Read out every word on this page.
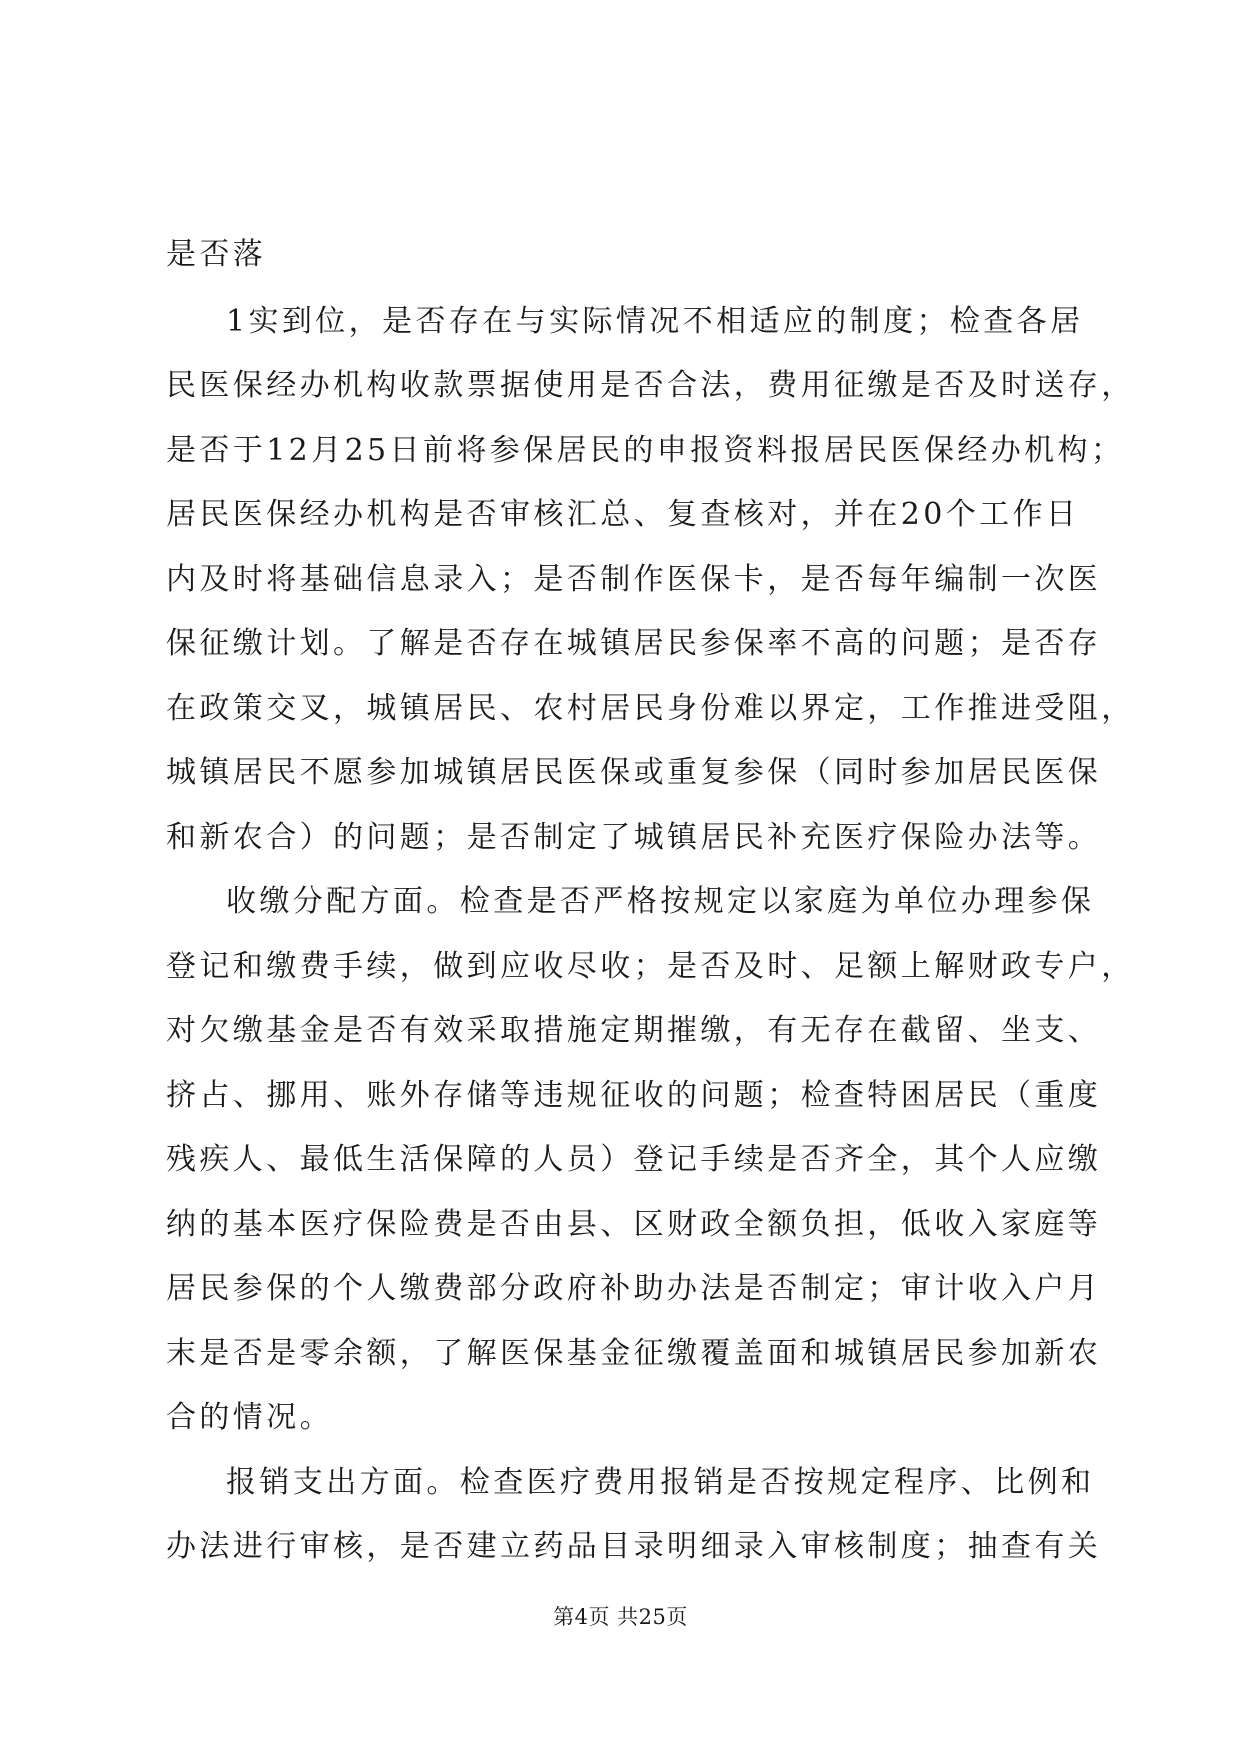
是否落

1实到位，是否存在与实际情况不相适应的制度；检查各居

民医保经办机构收款票据使用是否合法，费用征缴是否及时送存，

是否于12月25日前将参保居民的申报资料报居民医保经办机构；

居民医保经办机构是否审核汇总、复查核对，并在20个工作日

内及时将基础信息录入；是否制作医保卡，是否每年编制一次医

保征缴计划。了解是否存在城镇居民参保率不高的问题；是否存

在政策交叉，城镇居民、农村居民身份难以界定，工作推进受阻，

城镇居民不愿参加城镇居民医保或重复参保（同时参加居民医保

和新农合）的问题；是否制定了城镇居民补充医疗保险办法等。

收缴分配方面。检查是否严格按规定以家庭为单位办理参保

登记和缴费手续，做到应收尽收；是否及时、足额上解财政专户，

对欠缴基金是否有效采取措施定期摧缴，有无存在截留、坐支、

挤占、挪用、账外存储等违规征收的问题；检查特困居民（重度

残疾人、最低生活保障的人员）登记手续是否齐全，其个人应缴

纳的基本医疗保险费是否由县、区财政全额负担，低收入家庭等

居民参保的个人缴费部分政府补助办法是否制定；审计收入户月

末是否是零余额，了解医保基金征缴覆盖面和城镇居民参加新农

合的情况。

报销支出方面。检查医疗费用报销是否按规定程序、比例和

办法进行审核，是否建立药品目录明细录入审核制度；抽查有关

第4页 共25页
